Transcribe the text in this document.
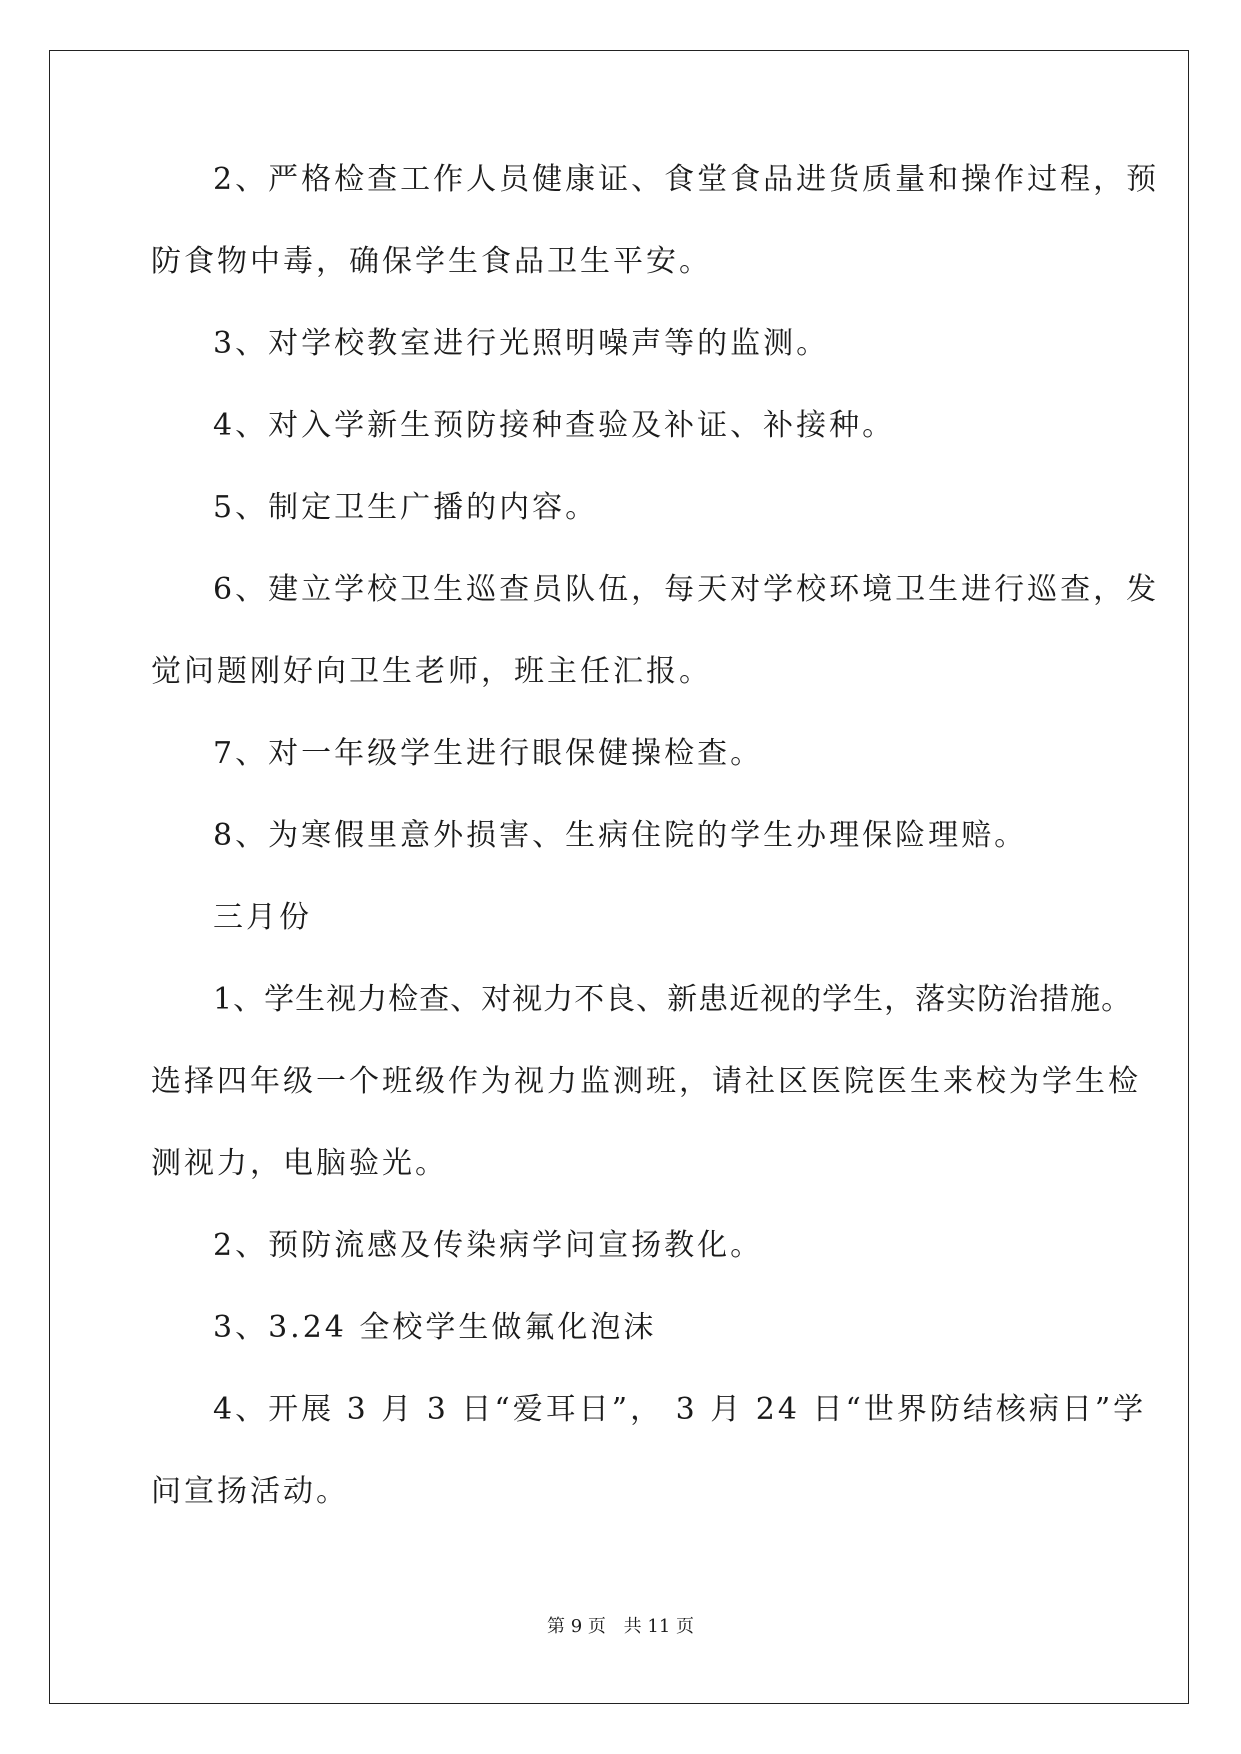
2、严格检查工作人员健康证、食堂食品进货质量和操作过程，预
防食物中毒，确保学生食品卫生平安。
3、对学校教室进行光照明噪声等的监测。
4、对入学新生预防接种查验及补证、补接种。
5、制定卫生广播的内容。
6、建立学校卫生巡查员队伍，每天对学校环境卫生进行巡查，发
觉问题刚好向卫生老师，班主任汇报。
7、对一年级学生进行眼保健操检查。
8、为寒假里意外损害、生病住院的学生办理保险理赔。
三月份
1、学生视力检查、对视力不良、新患近视的学生，落实防治措施。
选择四年级一个班级作为视力监测班，请社区医院医生来校为学生检
测视力，电脑验光。
2、预防流感及传染病学问宣扬教化。
3、3.24 全校学生做氟化泡沫
4、开展 3 月 3 日“爱耳日”， 3 月 24 日“世界防结核病日”学
问宣扬活动。
第 9 页 共 11 页
